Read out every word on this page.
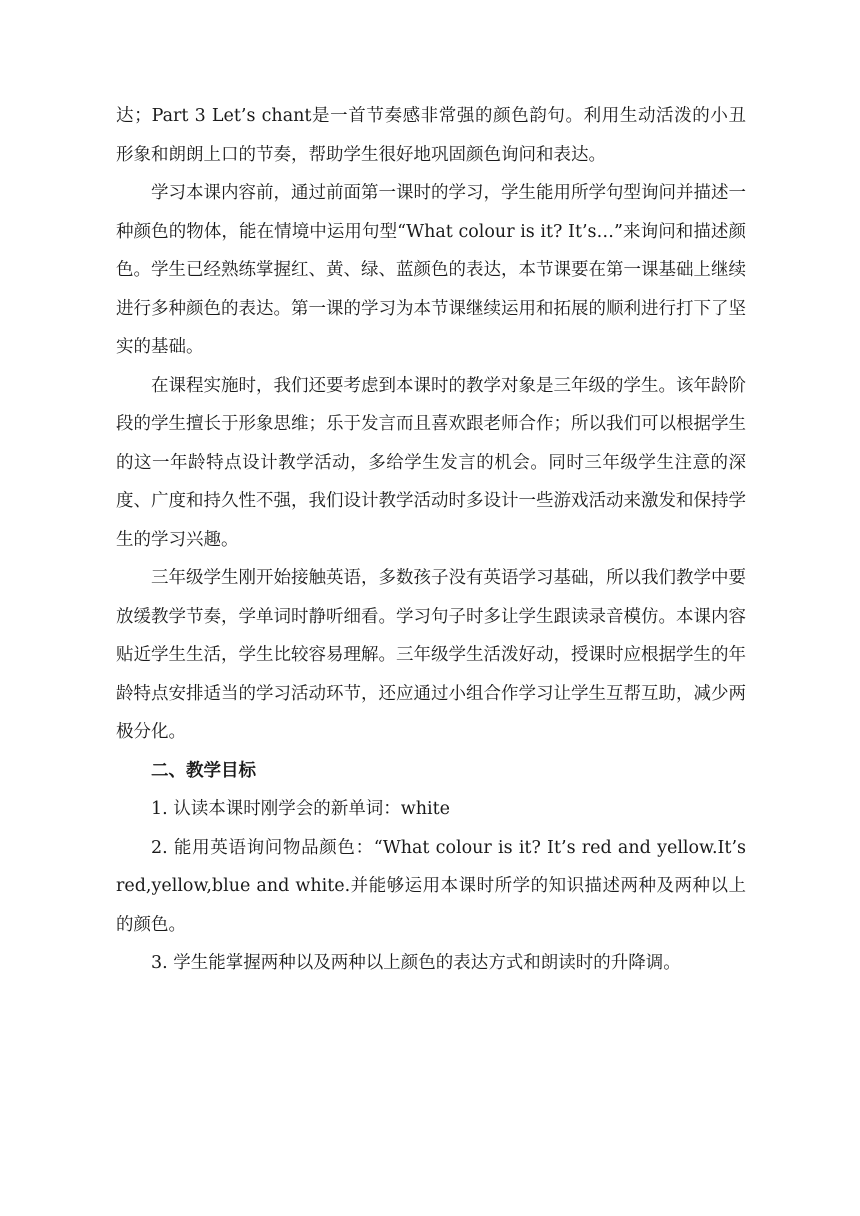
达；Part 3 Let’s chant是一首节奏感非常强的颜色韵句。利用生动活泼的小丑形象和朗朗上口的节奏，帮助学生很好地巩固颜色询问和表达。

学习本课内容前，通过前面第一课时的学习，学生能用所学句型询问并描述一种颜色的物体，能在情境中运用句型“What colour is it? It’s…”来询问和描述颜色。学生已经熟练掌握红、黄、绿、蓝颜色的表达，本节课要在第一课基础上继续进行多种颜色的表达。第一课的学习为本节课继续运用和拓展的顺利进行打下了坚实的基础。

在课程实施时，我们还要考虑到本课时的教学对象是三年级的学生。该年龄阶段的学生擅长于形象思维；乐于发言而且喜欢跟老师合作；所以我们可以根据学生的这一年龄特点设计教学活动，多给学生发言的机会。同时三年级学生注意的深度、广度和持久性不强，我们设计教学活动时多设计一些游戏活动来激发和保持学生的学习兴趣。

三年级学生刚开始接触英语，多数孩子没有英语学习基础，所以我们教学中要放缓教学节奏，学单词时静听细看。学习句子时多让学生跟读录音模仿。本课内容贴近学生生活，学生比较容易理解。三年级学生活泼好动，授课时应根据学生的年龄特点安排适当的学习活动环节，还应通过小组合作学习让学生互帮互助，减少两极分化。

二、教学目标

1. 认读本课时刚学会的新单词：white

2. 能用英语询问物品颜色：“What colour is it? It’s red and yellow.It’s red,yellow,blue and white.并能够运用本课时所学的知识描述两种及两种以上的颜色。

3. 学生能掌握两种以及两种以上颜色的表达方式和朗读时的升降调。
